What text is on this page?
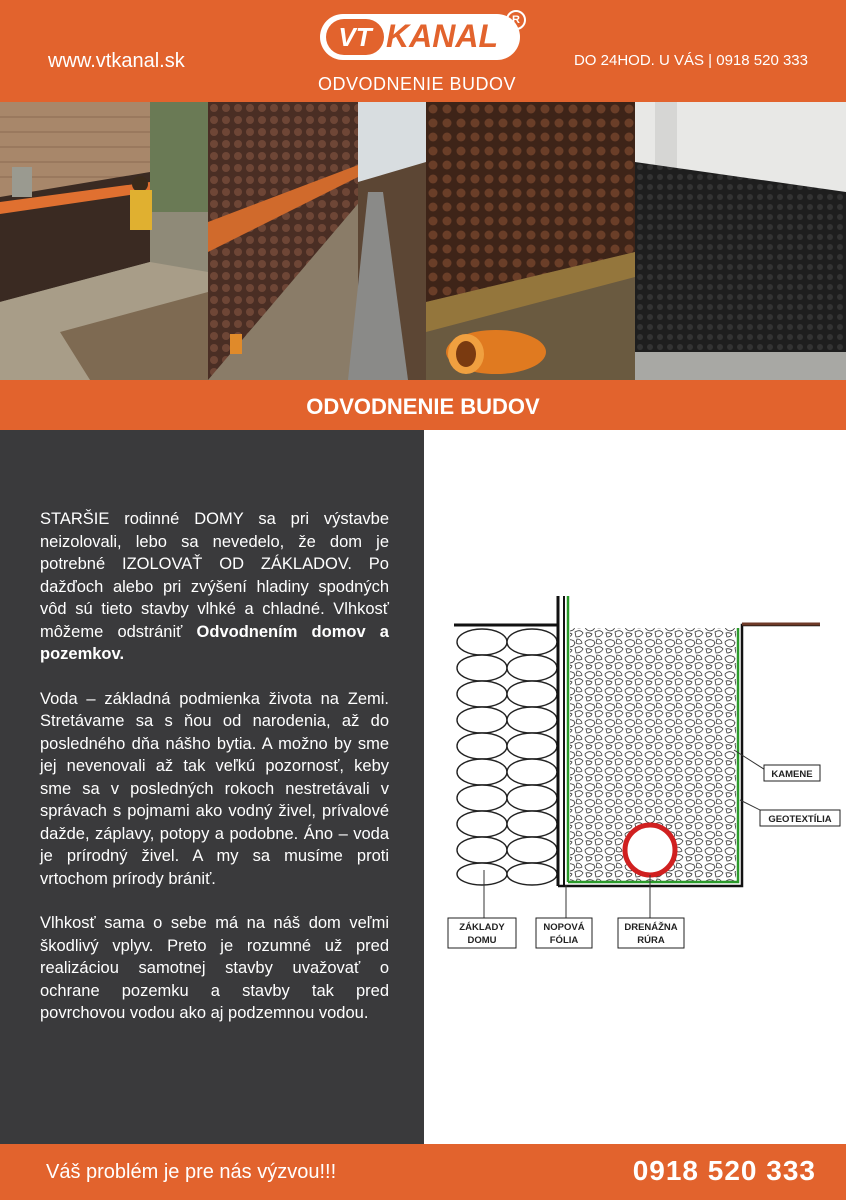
www.vtkanal.sk
VT KANAL	R
ODVODNENIE BUDOV
DO 24HOD. U VÁS | 0918 520 333
ODVODNENIE BUDOV

STARŠIE rodinné DOMY sa pri výstavbe neizolovali, lebo sa nevedelo, že dom je potrebné IZOLOVAŤ OD ZÁKLADOV. Po dažďoch alebo pri zvýšení hladiny spodných vôd sú tieto stavby vlhké a chladné. Vlhkosť môžeme odstrániť Odvodnením domov a pozemkov.

Voda – základná podmienka života na Zemi. Stretávame sa s ňou od narodenia, až do posledného dňa nášho bytia. A možno by sme jej nevenovali až tak veľkú pozornosť, keby sme sa v posledných rokoch nestretávali v správach s pojmami ako vodný živel, prívalové dažde, záplavy, potopy a podobne. Áno – voda je prírodný živel. A my sa musíme proti vrtochom prírody brániť.

Vlhkosť sama o sebe má na náš dom veľmi škodlivý vplyv. Preto je rozumné už pred realizáciou samotnej stavby uvažovať o ochrane pozemku a stavby tak pred povrchovou vodou ako aj podzemnou vodou.

KAMENE
GEOTEXTÍLIA
ZÁKLADY
DOMU
NOPOVÁ
FÓLIA
DRENÁŽNA
RÚRA
Váš problém je pre nás výzvou!!!	0918 520 333
